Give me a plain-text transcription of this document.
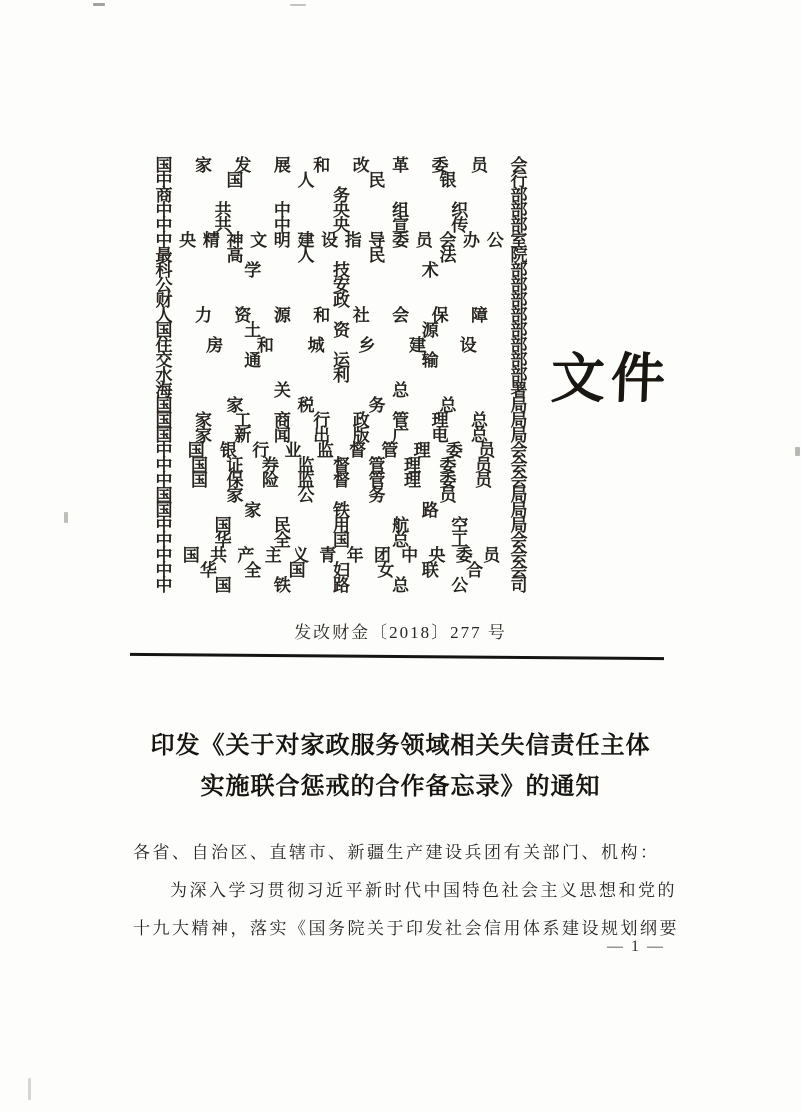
国 家 发 展 和 改 革 委 员 会
中	国	人	民	银	行
商	务	部
中 共 中 央 组 织 部
中 共 中 央 宣 传 部
中 央 精 神 文 明 建 设 指 导 委 员 会 办 公 室
最	高	人	民	法	院
科	学	技	术	部
公	安	部
财	政	部
人 力 资 源 和 社 会 保 障 部
国	土	资	源	部
住 房 和 城 乡 建 设 部
交	通	运	输	部
水	利	部
海	关	总	署
国	家	税	务	总	局
国 家 工 商 行 政 管 理 总 局
国 家 新 闻 出 版 广 电 总 局
中 国 银 行 业 监 督 管 理 委 员 会
中 国 证 券 监 督 管 理 委 员 会
中 国 保 险 监 督 管 理 委 员 会
国	家	公	务	员	局
国	家	铁	路	局
中 国 民 用 航 空 局
中 华 全 国 总 工 会
中 国 共 产 主 义 青 年 团 中 央 委 员 会
中 华 全 国 妇 女 联 合 会
中 国 铁 路 总 公 司
文件
发改财金〔2018〕277 号
印发《关于对家政服务领域相关失信责任主体
实施联合惩戒的合作备忘录》的通知
各省、自治区、直辖市、新疆生产建设兵团有关部门、机构：
为深入学习贯彻习近平新时代中国特色社会主义思想和党的
十九大精神，落实《国务院关于印发社会信用体系建设规划纲要
— 1 —
